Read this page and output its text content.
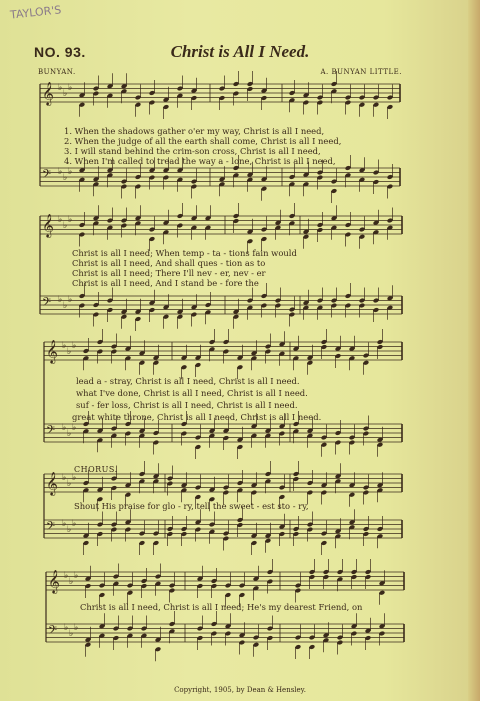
TAYLOR'S
NO. 93.	Christ is All I Need.
BUNYAN.	A. BUNYAN LITTLE.
𝄞 ♭
♭
♭
𝄢 ♭
♭
♭
𝄞 ♭
♭
♭
𝄢 ♭
♭
♭
𝄞 ♭
♭
♭
𝄢 ♭
♭
♭
𝄞 ♭
♭
♭
𝄢 ♭
♭
♭
𝄞 ♭
♭
♭
𝄢 ♭
♭
♭
1. When the shadows gather o'er my way, Christ is all I need,
2. When the judge of all the earth shall come, Christ is all I need,
3. I will stand behind the crim-son cross, Christ is all I need,
4. When I'm called to tread the way a - lone, Christ is all I need,
Christ is all I need; When temp - ta - tions fain would
Christ is all I need, And shall ques - tion as to
Christ is all I need; There I'll nev - er, nev - er
Christ is all I need, And I stand be - fore the
lead a - stray, Christ is all I need, Christ is all I need.
what I've done, Christ is all I need, Christ is all I need.
suf - fer loss, Christ is all I need, Christ is all I need.
great white throne, Christ is all I need, Christ is all I need.
CHORUS.
Shout His praise for glo - ry, tell the sweet - est sto - ry,
Christ is all I need, Christ is all I need; He's my dearest Friend, on
Copyright, 1905, by Dean & Hensley.
